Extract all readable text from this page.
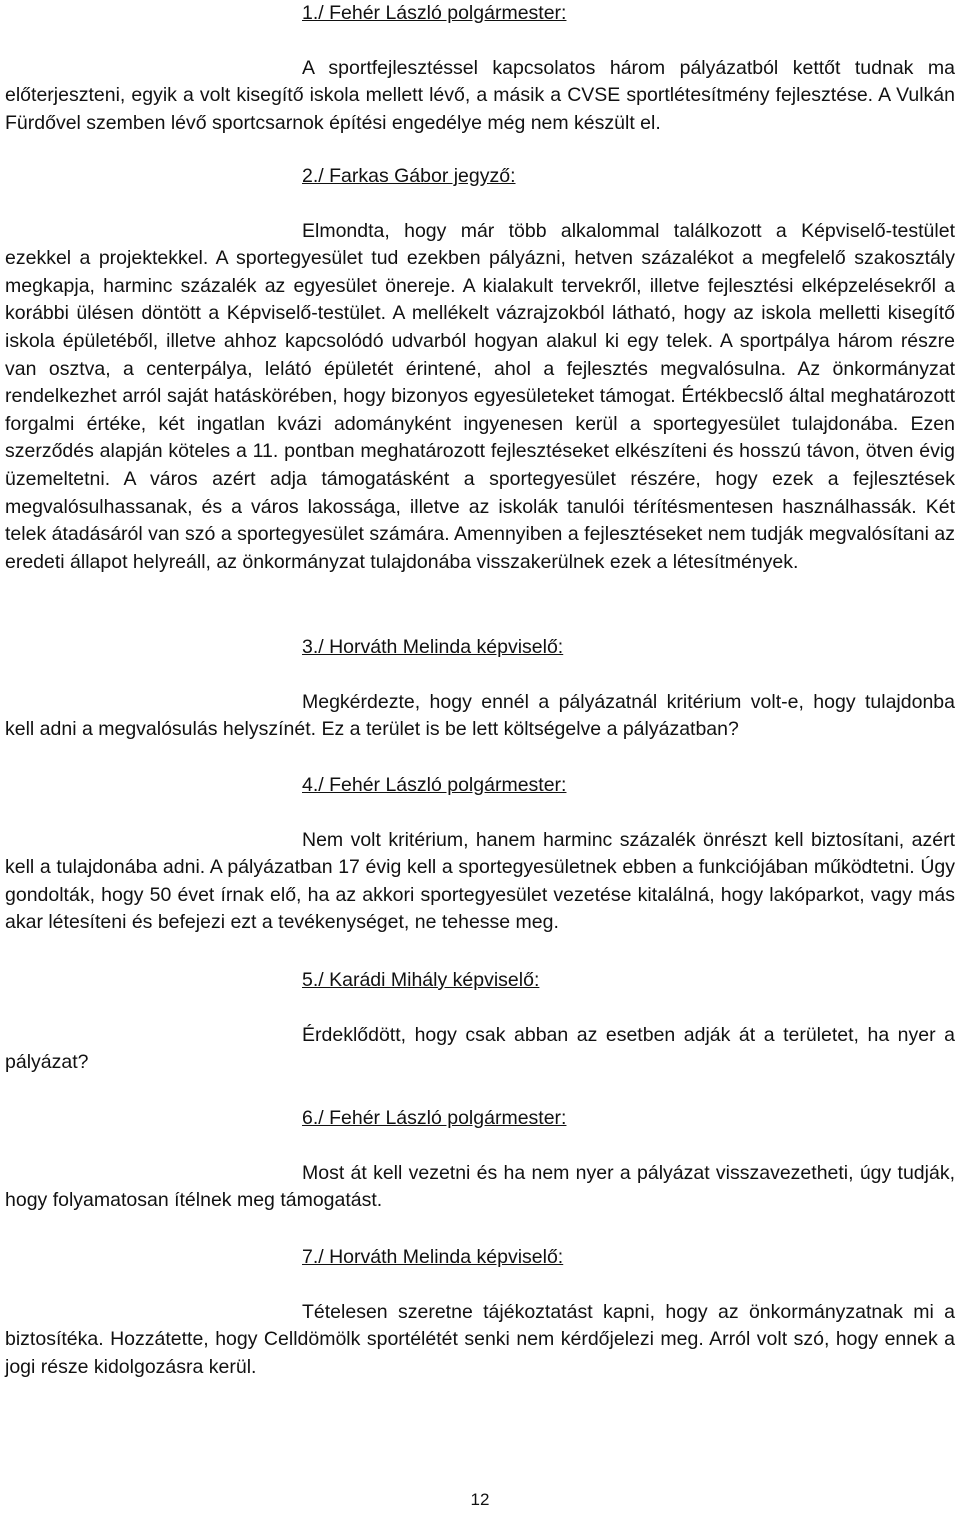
1./ Fehér László polgármester:

A sportfejlesztéssel kapcsolatos három pályázatból kettőt tudnak ma előterjeszteni, egyik a volt kisegítő iskola mellett lévő, a másik a CVSE sportlétesítmény fejlesztése. A Vulkán Fürdővel szemben lévő sportcsarnok építési engedélye még nem készült el.

2./ Farkas Gábor jegyző:

Elmondta, hogy már több alkalommal találkozott a Képviselő-testület ezekkel a projektekkel. A sportegyesület tud ezekben pályázni, hetven százalékot a megfelelő szakosztály megkapja, harminc százalék az egyesület önereje. A kialakult tervekről, illetve fejlesztési elképzelésekről a korábbi ülésen döntött a Képviselő-testület. A mellékelt vázrajzokból látható, hogy az iskola melletti kisegítő iskola épületéből, illetve ahhoz kapcsolódó udvarból hogyan alakul ki egy telek. A sportpálya három részre van osztva, a centerpálya, lelátó épületét érintené, ahol a fejlesztés megvalósulna. Az önkormányzat rendelkezhet arról saját hatáskörében, hogy bizonyos egyesületeket támogat. Értékbecslő által meghatározott forgalmi értéke, két ingatlan kvázi adományként ingyenesen kerül a sportegyesület tulajdonába. Ezen szerződés alapján köteles a 11. pontban meghatározott fejlesztéseket elkészíteni és hosszú távon, ötven évig üzemeltetni. A város azért adja támogatásként a sportegyesület részére, hogy ezek a fejlesztések megvalósulhassanak, és a város lakossága, illetve az iskolák tanulói térítésmentesen használhassák. Két telek átadásáról van szó a sportegyesület számára. Amennyiben a fejlesztéseket nem tudják megvalósítani az eredeti állapot helyreáll, az önkormányzat tulajdonába visszakerülnek ezek a létesítmények.

3./ Horváth Melinda képviselő:

Megkérdezte, hogy ennél a pályázatnál kritérium volt-e, hogy tulajdonba kell adni a megvalósulás helyszínét. Ez a terület is be lett költségelve a pályázatban?

4./ Fehér László polgármester:

Nem volt kritérium, hanem harminc százalék önrészt kell biztosítani, azért kell a tulajdonába adni. A pályázatban 17 évig kell a sportegyesületnek ebben a funkciójában működtetni. Úgy gondolták, hogy 50 évet írnak elő, ha az akkori sportegyesület vezetése kitalálná, hogy lakóparkot, vagy más akar létesíteni és befejezi ezt a tevékenységet, ne tehesse meg.

5./ Karádi Mihály képviselő:

Érdeklődött, hogy csak abban az esetben adják át a területet, ha nyer a pályázat?

6./ Fehér László polgármester:

Most át kell vezetni és ha nem nyer a pályázat visszavezetheti, úgy tudják, hogy folyamatosan ítélnek meg támogatást.

7./ Horváth Melinda képviselő:

Tételesen szeretne tájékoztatást kapni, hogy az önkormányzatnak mi a biztosítéka. Hozzátette, hogy Celldömölk sportélétét senki nem kérdőjelezi meg. Arról volt szó, hogy ennek a jogi része kidolgozásra kerül.

12
